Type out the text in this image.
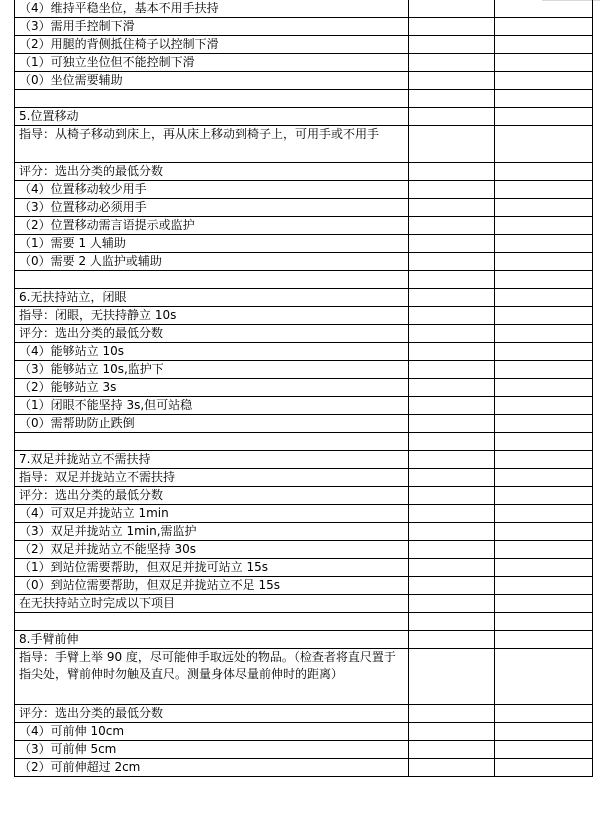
（4）维持平稳坐位，基本不用手扶持		
（3）需用手控制下滑		
（2）用腿的背侧抵住椅子以控制下滑		
（1）可独立坐位但不能控制下滑		
（0）坐位需要辅助		

5.位置移动		
指导：从椅子移动到床上，再从床上移动到椅子上，可用手或不用手		
评分：选出分类的最低分数		
（4）位置移动较少用手		
（3）位置移动必须用手		
（2）位置移动需言语提示或监护		
（1）需要 1 人辅助		
（0）需要 2 人监护或辅助		

6.无扶持站立，闭眼		
指导：闭眼，无扶持静立 10s		
评分：选出分类的最低分数		
（4）能够站立 10s		
（3）能够站立 10s,监护下		
（2）能够站立 3s		
（1）闭眼不能坚持 3s,但可站稳		
（0）需帮助防止跌倒		

7.双足并拢站立不需扶持		
指导：双足并拢站立不需扶持		
评分：选出分类的最低分数		
（4）可双足并拢站立 1min		
（3）双足并拢站立 1min,需监护		
（2）双足并拢站立不能坚持 30s		
（1）到站位需要帮助，但双足并拢可站立 15s		
（0）到站位需要帮助，但双足并拢站立不足 15s		
在无扶持站立时完成以下项目		

8.手臂前伸		
指导：手臂上举 90 度，尽可能伸手取远处的物品。（检查者将直尺置于指尖处，臂前伸时勿触及直尺。测量身体尽量前伸时的距离）		
评分：选出分类的最低分数		
（4）可前伸 10cm		
（3）可前伸 5cm		
（2）可前伸超过 2cm		
